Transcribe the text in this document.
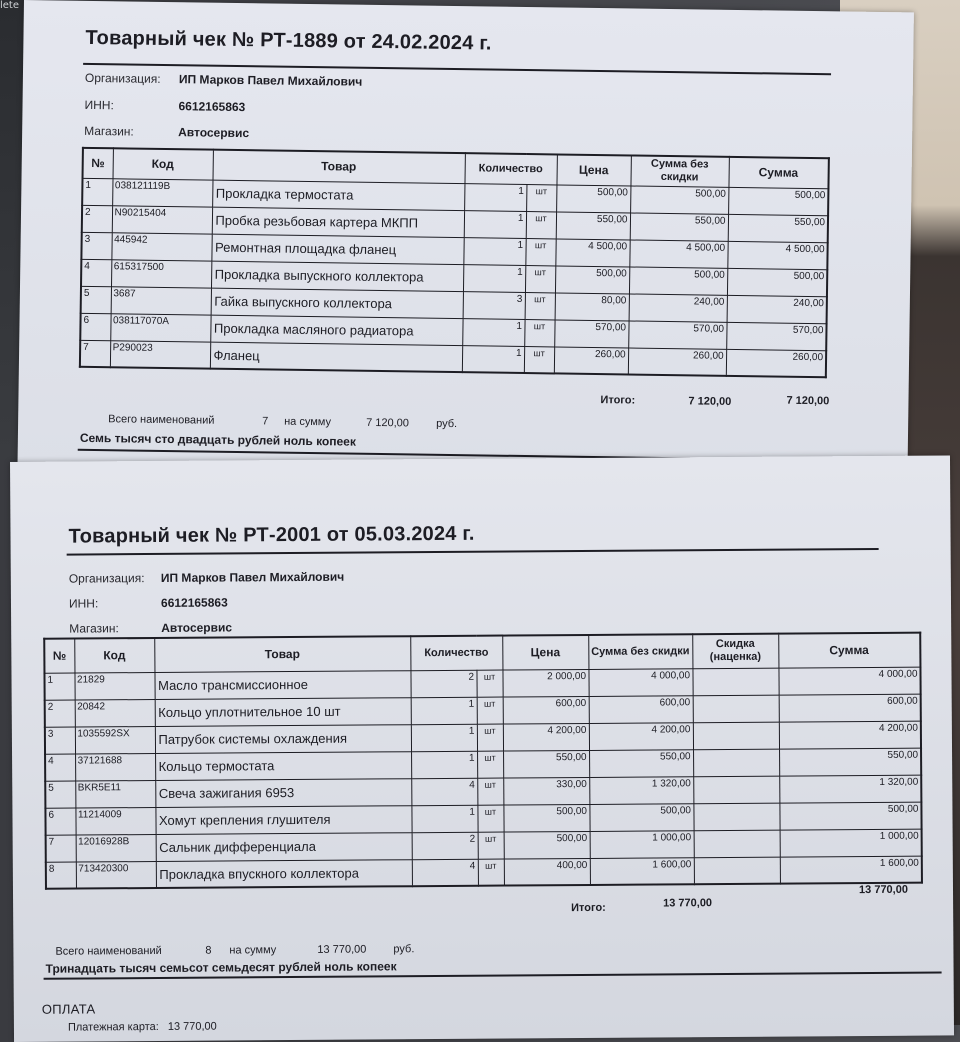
lete
Товарный чек № РТ-1889 от 24.02.2024 г.
Организация: ИП Марков Павел Михайлович
ИНН:	6612165863
Магазин:	Автосервис
№	Код	Товар	Количество		Цена	Сумма без скидки	Сумма
1	038121119B	Прокладка термостата	1	шт	500,00	500,00	500,00
2	N90215404	Пробка резьбовая картера МКПП	1	шт	550,00	550,00	550,00
3	445942	Ремонтная площадка фланец	1	шт	4 500,00	4 500,00	4 500,00
4	615317500	Прокладка выпускного коллектора	1	шт	500,00	500,00	500,00
5	3687	Гайка выпускного коллектора	3	шт	80,00	240,00	240,00
6	038117070A	Прокладка масляного радиатора	1	шт	570,00	570,00	570,00
7	P290023	Фланец	1	шт	260,00	260,00	260,00
Итого:	7 120,00	7 120,00
Всего наименований	7 на сумму	7 120,00 руб.
Семь тысяч сто двадцать рублей ноль копеек
Товарный чек № РТ-2001 от 05.03.2024 г.
Организация: ИП Марков Павел Михайлович
ИНН:	6612165863
Магазин:	Автосервис
№	Код	Товар	Количество		Цена	Сумма без скидки	Скидка (наценка)	Сумма
1	21829	Масло трансмиссионное	2	шт	2 000,00	4 000,00		4 000,00
2	20842	Кольцо уплотнительное 10 шт	1	шт	600,00	600,00		600,00
3	1035592SX	Патрубок системы охлаждения	1	шт	4 200,00	4 200,00		4 200,00
4	37121688	Кольцо термостата	1	шт	550,00	550,00		550,00
5	BKR5E11	Свеча зажигания 6953	4	шт	330,00	1 320,00		1 320,00
6	11214009	Хомут крепления глушителя	1	шт	500,00	500,00		500,00
7	12016928B	Сальник дифференциала	2	шт	500,00	1 000,00		1 000,00
8	713420300	Прокладка впускного коллектора	4	шт	400,00	1 600,00		1 600,00
Итого:	13 770,00
13 770,00
Всего наименований	8 на сумму	13 770,00 руб.
Тринадцать тысяч семьсот семьдесят рублей ноль копеек
ОПЛАТА
Платежная карта: 13 770,00
